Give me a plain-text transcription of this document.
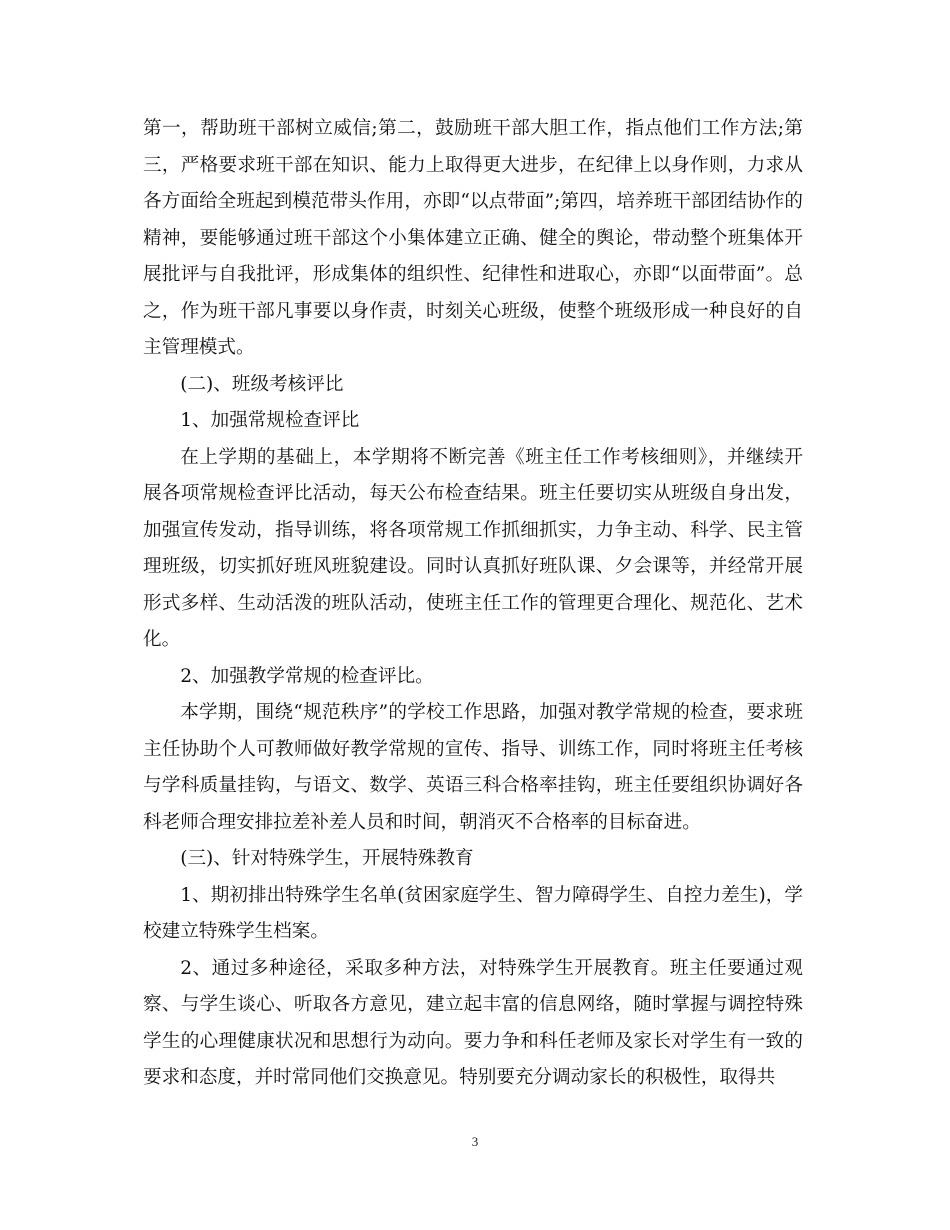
第一，帮助班干部树立威信;第二，鼓励班干部大胆工作，指点他们工作方法;第三，严格要求班干部在知识、能力上取得更大进步，在纪律上以身作则，力求从各方面给全班起到模范带头作用，亦即“以点带面”;第四，培养班干部团结协作的精神，要能够通过班干部这个小集体建立正确、健全的舆论，带动整个班集体开展批评与自我批评，形成集体的组织性、纪律性和进取心，亦即“以面带面”。总之，作为班干部凡事要以身作责，时刻关心班级，使整个班级形成一种良好的自主管理模式。

(二)、班级考核评比

1、加强常规检查评比

在上学期的基础上，本学期将不断完善《班主任工作考核细则》，并继续开展各项常规检查评比活动，每天公布检查结果。班主任要切实从班级自身出发，加强宣传发动，指导训练，将各项常规工作抓细抓实，力争主动、科学、民主管理班级，切实抓好班风班貌建设。同时认真抓好班队课、夕会课等，并经常开展形式多样、生动活泼的班队活动，使班主任工作的管理更合理化、规范化、艺术化。

2、加强教学常规的检查评比。

本学期，围绕“规范秩序”的学校工作思路，加强对教学常规的检查，要求班主任协助个人可教师做好教学常规的宣传、指导、训练工作，同时将班主任考核与学科质量挂钩，与语文、数学、英语三科合格率挂钩，班主任要组织协调好各科老师合理安排拉差补差人员和时间，朝消灭不合格率的目标奋进。

(三)、针对特殊学生，开展特殊教育

1、期初排出特殊学生名单(贫困家庭学生、智力障碍学生、自控力差生)，学校建立特殊学生档案。

2、通过多种途径，采取多种方法，对特殊学生开展教育。班主任要通过观察、与学生谈心、听取各方意见，建立起丰富的信息网络，随时掌握与调控特殊学生的心理健康状况和思想行为动向。要力争和科任老师及家长对学生有一致的要求和态度，并时常同他们交换意见。特别要充分调动家长的积极性，取得共

3
